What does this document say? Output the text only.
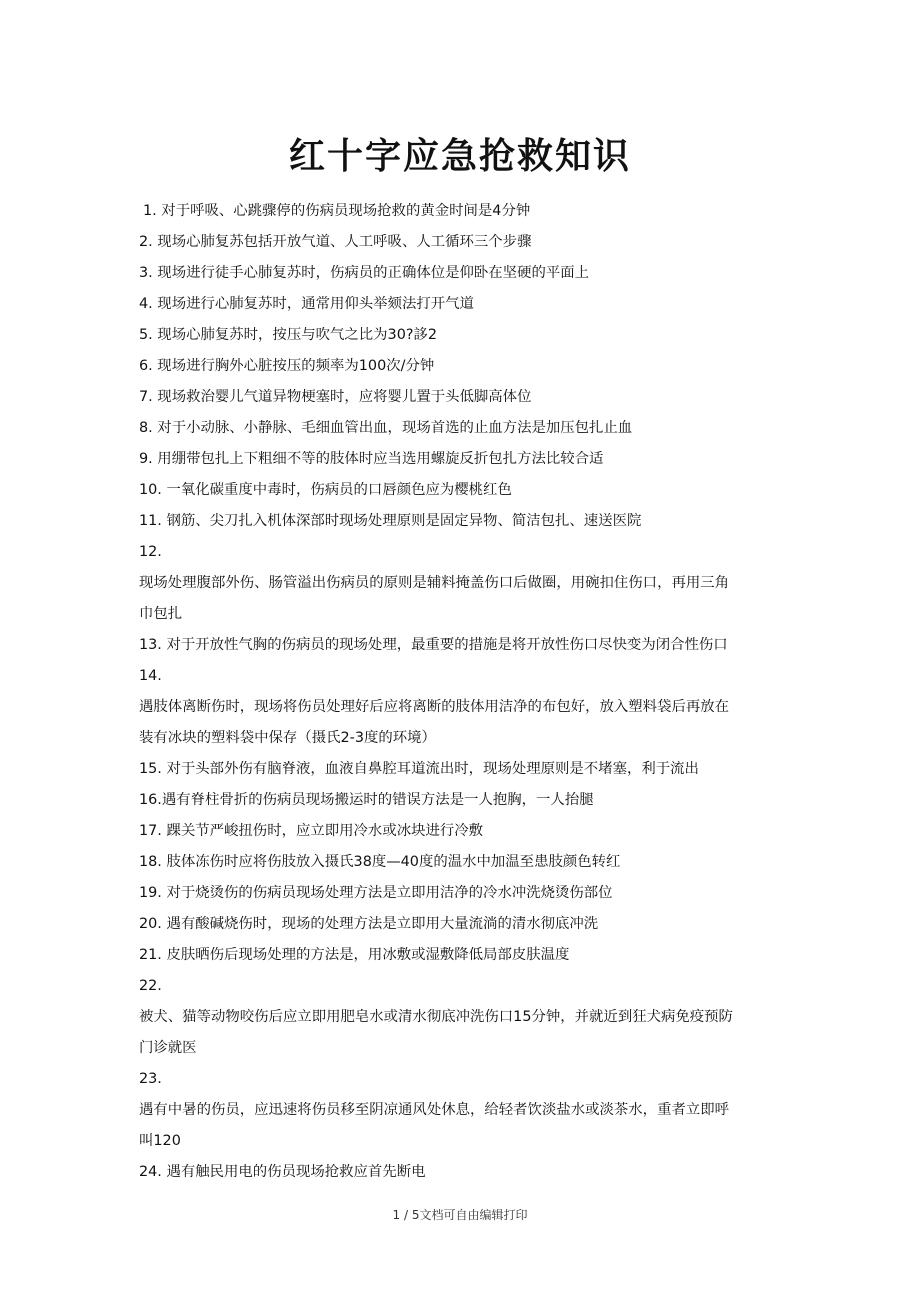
红十字应急抢救知识

1. 对于呼吸、心跳骤停的伤病员现场抢救的黄金时间是4分钟

2. 现场心肺复苏包括开放气道、人工呼吸、人工循环三个步骤

3. 现场进行徒手心肺复苏时，伤病员的正确体位是仰卧在坚硬的平面上

4. 现场进行心肺复苏时，通常用仰头举颏法打开气道

5. 现场心肺复苏时，按压与吹气之比为30?誃2

6. 现场进行胸外心脏按压的频率为100次/分钟

7. 现场救治婴儿气道异物梗塞时，应将婴儿置于头低脚高体位

8. 对于小动脉、小静脉、毛细血管出血，现场首选的止血方法是加压包扎止血

9. 用绷带包扎上下粗细不等的肢体时应当选用螺旋反折包扎方法比较合适

10. 一氧化碳重度中毒时，伤病员的口唇颜色应为樱桃红色

11. 钢筋、尖刀扎入机体深部时现场处理原则是固定异物、简洁包扎、速送医院

12.

现场处理腹部外伤、肠管溢出伤病员的原则是辅料掩盖伤口后做圈，用碗扣住伤口，再用三角

巾包扎

13. 对于开放性气胸的伤病员的现场处理，最重要的措施是将开放性伤口尽快变为闭合性伤口

14.

遇肢体离断伤时，现场将伤员处理好后应将离断的肢体用洁净的布包好，放入塑料袋后再放在

装有冰块的塑料袋中保存（摄氏2-3度的环境）

15. 对于头部外伤有脑脊液，血液自鼻腔耳道流出时，现场处理原则是不堵塞，利于流出

16.遇有脊柱骨折的伤病员现场搬运时的错误方法是一人抱胸，一人抬腿

17. 踝关节严峻扭伤时，应立即用冷水或冰块进行冷敷

18. 肢体冻伤时应将伤肢放入摄氏38度—40度的温水中加温至患肢颜色转红

19. 对于烧烫伤的伤病员现场处理方法是立即用洁净的冷水冲洗烧烫伤部位

20. 遇有酸碱烧伤时，现场的处理方法是立即用大量流淌的清水彻底冲洗

21. 皮肤晒伤后现场处理的方法是，用冰敷或湿敷降低局部皮肤温度

22.

被犬、猫等动物咬伤后应立即用肥皂水或清水彻底冲洗伤口15分钟，并就近到狂犬病免疫预防

门诊就医

23.

遇有中暑的伤员，应迅速将伤员移至阴凉通风处休息，给轻者饮淡盐水或淡茶水，重者立即呼

叫120

24. 遇有触民用电的伤员现场抢救应首先断电

1 / 5文档可自由编辑打印
